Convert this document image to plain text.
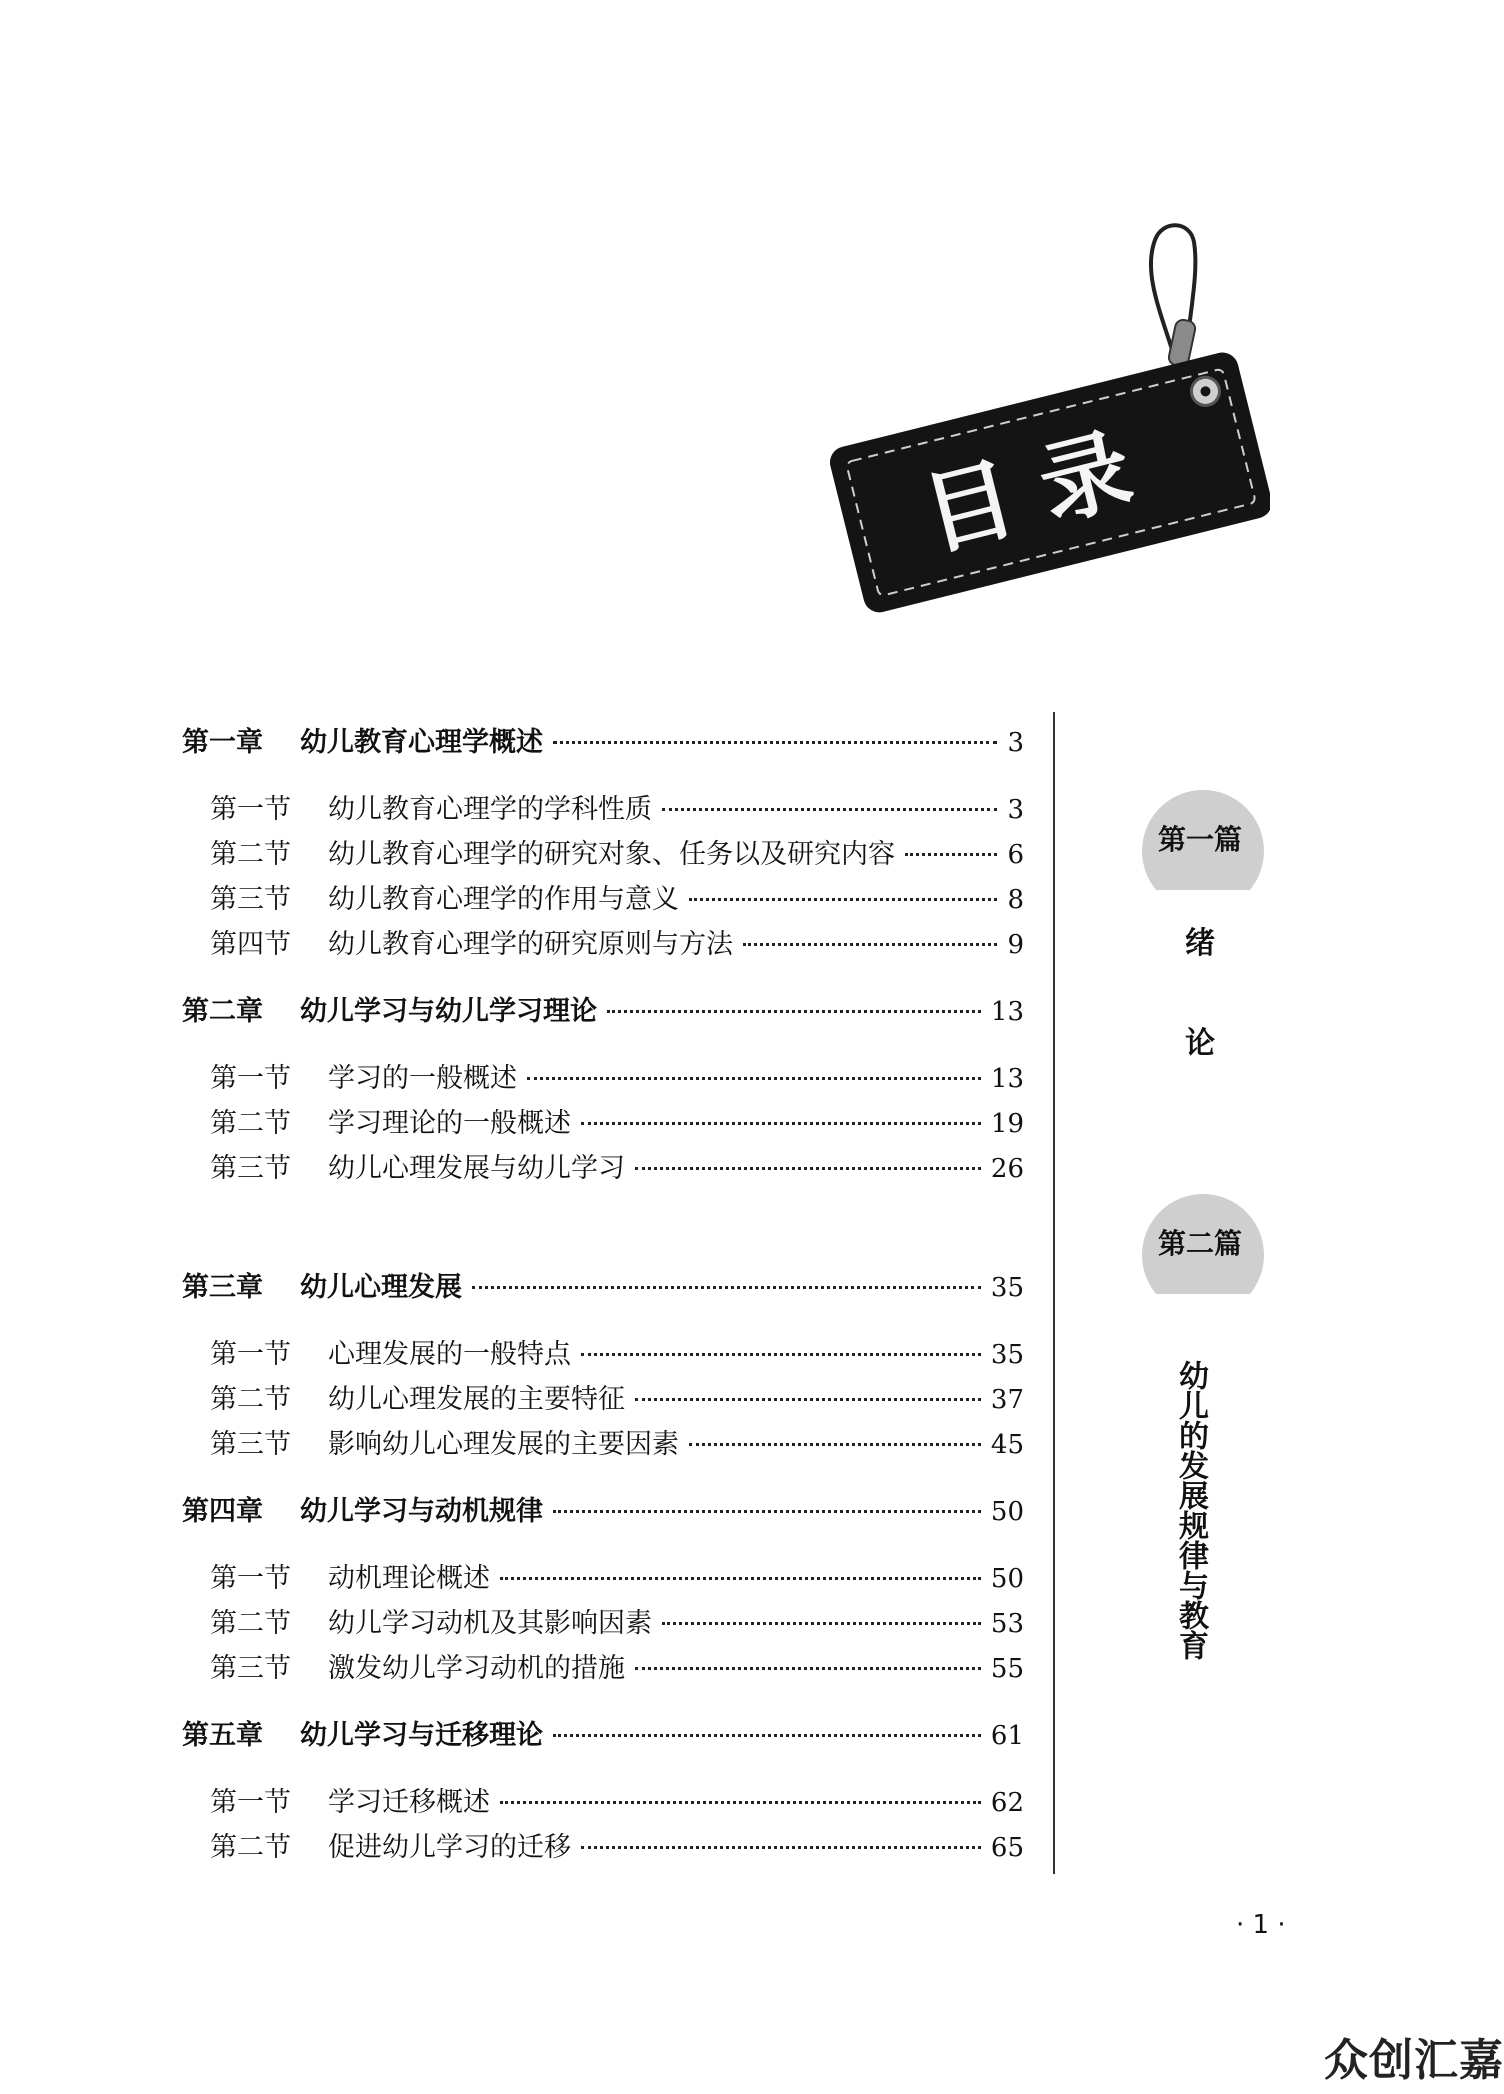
目录
第一章	幼儿教育心理学概述	3
第一节	幼儿教育心理学的学科性质	3
第二节	幼儿教育心理学的研究对象、任务以及研究内容	6
第三节	幼儿教育心理学的作用与意义	8
第四节	幼儿教育心理学的研究原则与方法	9
第二章	幼儿学习与幼儿学习理论	13
第一节	学习的一般概述	13
第二节	学习理论的一般概述	19
第三节	幼儿心理发展与幼儿学习	26
第三章	幼儿心理发展	35
第一节	心理发展的一般特点	35
第二节	幼儿心理发展的主要特征	37
第三节	影响幼儿心理发展的主要因素	45
第四章	幼儿学习与动机规律	50
第一节	动机理论概述	50
第二节	幼儿学习动机及其影响因素	53
第三节	激发幼儿学习动机的措施	55
第五章	幼儿学习与迁移理论	61
第一节	学习迁移概述	62
第二节	促进幼儿学习的迁移	65
第一篇
绪
论
第二篇
幼儿的发展规律与教育
· 1 ·
众创汇嘉
